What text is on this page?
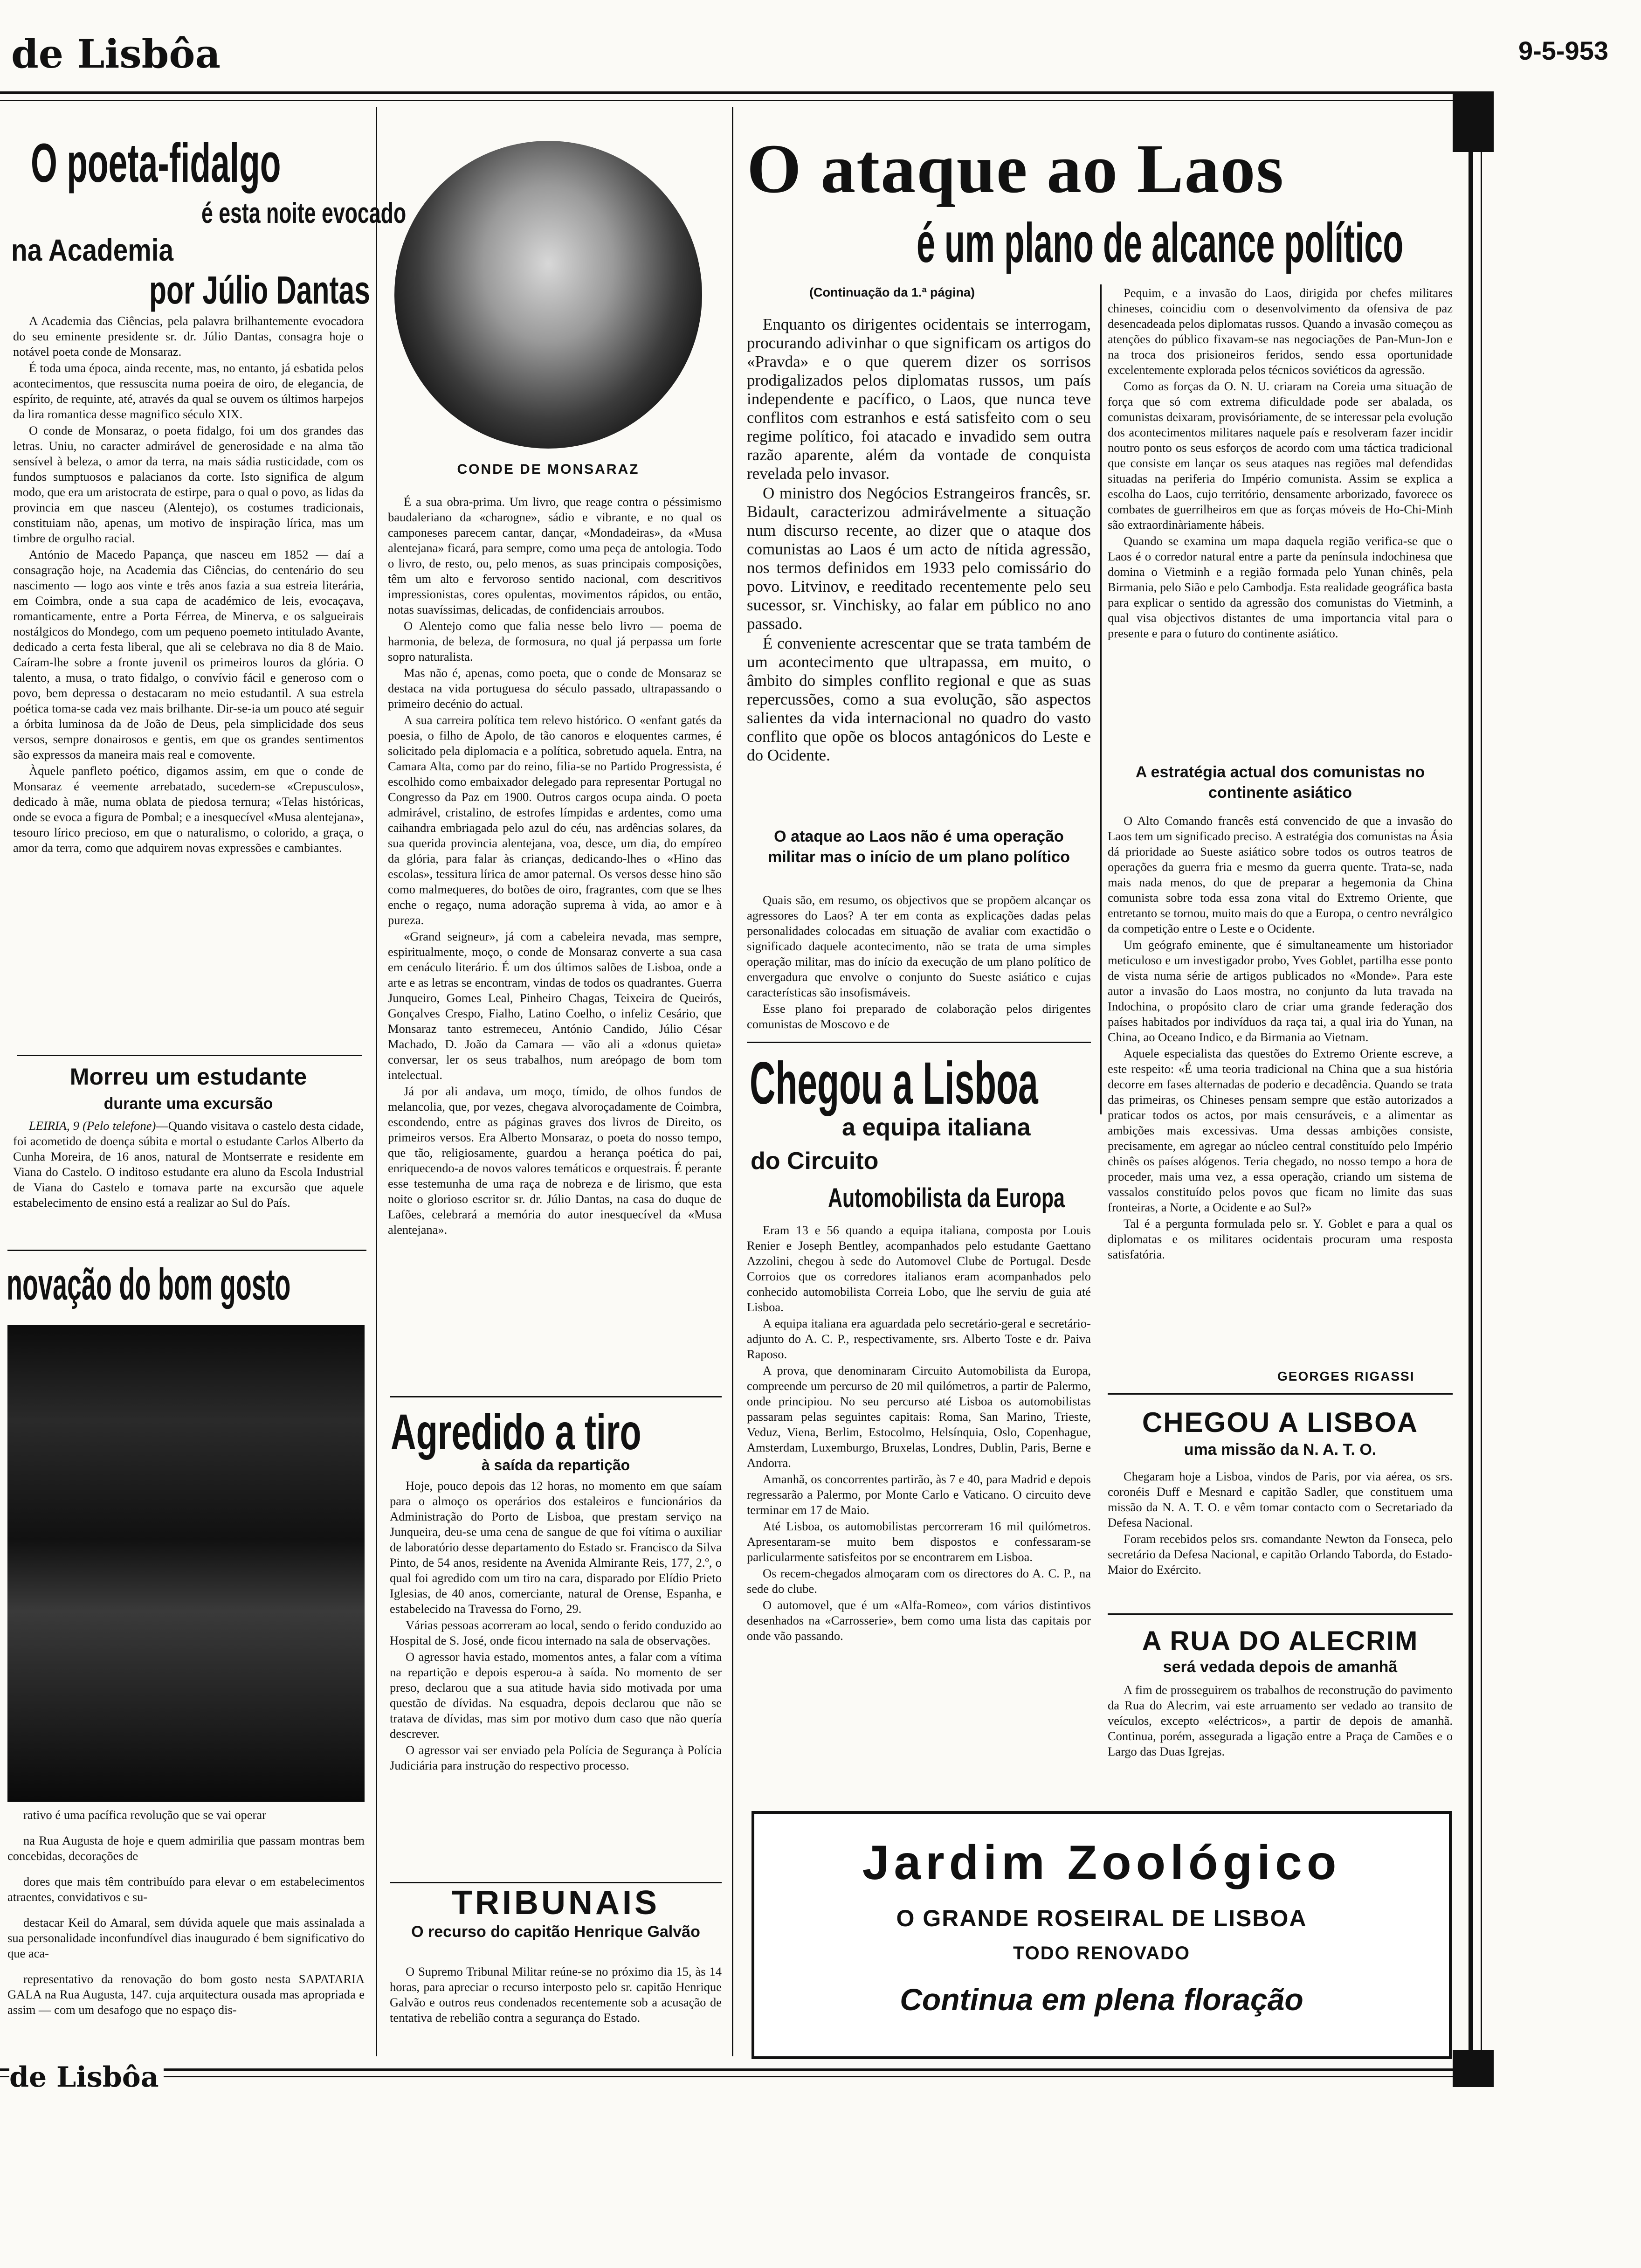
de Lisbôa	9-5-953
O poeta-fidalgo
é esta noite evocado
na Academia
por Júlio Dantas

A Academia das Ciências, pela palavra brilhantemente evocadora do seu eminente presidente sr. dr. Júlio Dantas, consagra hoje o notável poeta conde de Monsaraz.

É toda uma época, ainda recente, mas, no entanto, já esbatida pelos acontecimentos, que ressuscita numa poeira de oiro, de elegancia, de espírito, de requinte, até, através da qual se ouvem os últimos harpejos da lira romantica desse magnifico século XIX.

O conde de Monsaraz, o poeta fidalgo, foi um dos grandes das letras. Uniu, no caracter admirável de generosidade e na alma tão sensível à beleza, o amor da terra, na mais sádia rusticidade, com os fundos sumptuosos e palacianos da corte. Isto significa de algum modo, que era um aristocrata de estirpe, para o qual o povo, as lidas da provincia em que nasceu (Alentejo), os costumes tradicionais, constituiam não, apenas, um motivo de inspiração lírica, mas um timbre de orgulho racial.

António de Macedo Papança, que nasceu em 1852 — daí a consagração hoje, na Academia das Ciências, do centenário do seu nascimento — logo aos vinte e três anos fazia a sua estreia literária, em Coimbra, onde a sua capa de académico de leis, evocaçava, romanticamente, entre a Porta Férrea, de Minerva, e os salgueirais nostálgicos do Mondego, com um pequeno poemeto intitulado Avante, dedicado a certa festa liberal, que ali se celebrava no dia 8 de Maio. Caíram-lhe sobre a fronte juvenil os primeiros louros da glória. O talento, a musa, o trato fidalgo, o convívio fácil e generoso com o povo, bem depressa o destacaram no meio estudantil. A sua estrela poética toma-se cada vez mais brilhante. Dir-se-ia um pouco até seguir a órbita luminosa da de João de Deus, pela simplicidade dos seus versos, sempre donairosos e gentis, em que os grandes sentimentos são expressos da maneira mais real e comovente.

Àquele panfleto poético, digamos assim, em que o conde de Monsaraz é veemente arrebatado, sucedem-se «Crepusculos», dedicado à mãe, numa oblata de piedosa ternura; «Telas históricas, onde se evoca a figura de Pombal; e a inesquecível «Musa alentejana», tesouro lírico precioso, em que o naturalismo, o colorido, a graça, o amor da terra, como que adquirem novas expressões e cambiantes.

CONDE DE MONSARAZ

É a sua obra-prima. Um livro, que reage contra o péssimismo baudaleriano da «charogne», sádio e vibrante, e no qual os camponeses parecem cantar, dançar, «Mondadeiras», da «Musa alentejana» ficará, para sempre, como uma peça de antologia. Todo o livro, de resto, ou, pelo menos, as suas principais composições, têm um alto e fervoroso sentido nacional, com descritivos impressionistas, cores opulentas, movimentos rápidos, ou então, notas suavíssimas, delicadas, de confidenciais arroubos.

O Alentejo como que falia nesse belo livro — poema de harmonia, de beleza, de formosura, no qual já perpassa um forte sopro naturalista.

Mas não é, apenas, como poeta, que o conde de Monsaraz se destaca na vida portuguesa do século passado, ultrapassando o primeiro decénio do actual.

A sua carreira política tem relevo histórico. O «enfant gatés da poesia, o filho de Apolo, de tão canoros e eloquentes carmes, é solicitado pela diplomacia e a política, sobretudo aquela. Entra, na Camara Alta, como par do reino, filia-se no Partido Progressista, é escolhido como embaixador delegado para representar Portugal no Congresso da Paz em 1900. Outros cargos ocupa ainda. O poeta admirável, cristalino, de estrofes límpidas e ardentes, como uma caihandra embriagada pelo azul do céu, nas ardências solares, da sua querida provincia alentejana, voa, desce, um dia, do empíreo da glória, para falar às crianças, dedicando-lhes o «Hino das escolas», tessitura lírica de amor paternal. Os versos desse hino são como malmequeres, do botões de oiro, fragrantes, com que se lhes enche o regaço, numa adoração suprema à vida, ao amor e à pureza.

«Grand seigneur», já com a cabeleira nevada, mas sempre, espiritualmente, moço, o conde de Monsaraz converte a sua casa em cenáculo literário. É um dos últimos salões de Lisboa, onde a arte e as letras se encontram, vindas de todos os quadrantes. Guerra Junqueiro, Gomes Leal, Pinheiro Chagas, Teixeira de Queirós, Gonçalves Crespo, Fialho, Latino Coelho, o infeliz Cesário, que Monsaraz tanto estremeceu, António Candido, Júlio César Machado, D. João da Camara — vão ali a «donus quieta» conversar, ler os seus trabalhos, num areópago de bom tom intelectual.

Já por ali andava, um moço, tímido, de olhos fundos de melancolia, que, por vezes, chegava alvoroçadamente de Coimbra, escondendo, entre as páginas graves dos livros de Direito, os primeiros versos. Era Alberto Monsaraz, o poeta do nosso tempo, que tão, religiosamente, guardou a herança poética do pai, enriquecendo-a de novos valores temáticos e orquestrais. É perante esse testemunha de uma raça de nobreza e de lirismo, que esta noite o glorioso escritor sr. dr. Júlio Dantas, na casa do duque de Lafões, celebrará a memória do autor inesquecível da «Musa alentejana».

O ataque ao Laos
é um plano de alcance político
(Continuação da 1.ª página)

Enquanto os dirigentes ocidentais se interrogam, procurando adivinhar o que significam os artigos do «Pravda» e o que querem dizer os sorrisos prodigalizados pelos diplomatas russos, um país independente e pacífico, o Laos, que nunca teve conflitos com estranhos e está satisfeito com o seu regime político, foi atacado e invadido sem outra razão aparente, além da vontade de conquista revelada pelo invasor.

O ministro dos Negócios Estrangeiros francês, sr. Bidault, caracterizou admirávelmente a situação num discurso recente, ao dizer que o ataque dos comunistas ao Laos é um acto de nítida agressão, nos termos definidos em 1933 pelo comissário do povo. Litvinov, e reeditado recentemente pelo seu sucessor, sr. Vinchisky, ao falar em público no ano passado.

É conveniente acrescentar que se trata também de um acontecimento que ultrapassa, em muito, o âmbito do simples conflito regional e que as suas repercussões, como a sua evolução, são aspectos salientes da vida internacional no quadro do vasto conflito que opõe os blocos antagónicos do Leste e do Ocidente.

O ataque ao Laos não é uma operação militar mas o início de um plano político

Quais são, em resumo, os objectivos que se propõem alcançar os agressores do Laos? A ter em conta as explicações dadas pelas personalidades colocadas em situação de avaliar com exactidão o significado daquele acontecimento, não se trata de uma simples operação militar, mas do início da execução de um plano político de envergadura que envolve o conjunto do Sueste asiático e cujas características são insofismáveis.

Esse plano foi preparado de colaboração pelos dirigentes comunistas de Moscovo e de

Pequim, e a invasão do Laos, dirigida por chefes militares chineses, coincidiu com o desenvolvimento da ofensiva de paz desencadeada pelos diplomatas russos. Quando a invasão começou as atenções do público fixavam-se nas negociações de Pan-Mun-Jon e na troca dos prisioneiros feridos, sendo essa oportunidade excelentemente explorada pelos técnicos soviéticos da agressão.

Como as forças da O. N. U. criaram na Coreia uma situação de força que só com extrema dificuldade pode ser abalada, os comunistas deixaram, provisóriamente, de se interessar pela evolução dos acontecimentos militares naquele país e resolveram fazer incidir noutro ponto os seus esforços de acordo com uma táctica tradicional que consiste em lançar os seus ataques nas regiões mal defendidas situadas na periferia do Império comunista. Assim se explica a escolha do Laos, cujo território, densamente arborizado, favorece os combates de guerrilheiros em que as forças móveis de Ho-Chi-Minh são extraordinàriamente hábeis.

Quando se examina um mapa daquela região verifica-se que o Laos é o corredor natural entre a parte da península indochinesa que domina o Vietminh e a região formada pelo Yunan chinês, pela Birmania, pelo Sião e pelo Cambodja. Esta realidade geográfica basta para explicar o sentido da agressão dos comunistas do Vietminh, a qual visa objectivos distantes de uma importancia vital para o presente e para o futuro do continente asiático.

A estratégia actual dos comunistas no continente asiático

O Alto Comando francês está convencido de que a invasão do Laos tem um significado preciso. A estratégia dos comunistas na Ásia dá prioridade ao Sueste asiático sobre todos os outros teatros de operações da guerra fria e mesmo da guerra quente. Trata-se, nada mais nada menos, do que de preparar a hegemonia da China comunista sobre toda essa zona vital do Extremo Oriente, que entretanto se tornou, muito mais do que a Europa, o centro nevrálgico da competição entre o Leste e o Ocidente.

Um geógrafo eminente, que é simultaneamente um historiador meticuloso e um investigador probo, Yves Goblet, partilha esse ponto de vista numa série de artigos publicados no «Monde». Para este autor a invasão do Laos mostra, no conjunto da luta travada na Indochina, o propósito claro de criar uma grande federação dos países habitados por indivíduos da raça tai, a qual iria do Yunan, na China, ao Oceano Indico, e da Birmania ao Vietnam.

Aquele especialista das questões do Extremo Oriente escreve, a este respeito: «É uma teoria tradicional na China que a sua história decorre em fases alternadas de poderio e decadência. Quando se trata das primeiras, os Chineses pensam sempre que estão autorizados a praticar todos os actos, por mais censuráveis, e a alimentar as ambições mais excessivas. Uma dessas ambições consiste, precisamente, em agregar ao núcleo central constituído pelo Império chinês os países alógenos. Teria chegado, no nosso tempo a hora de proceder, mais uma vez, a essa operação, criando um sistema de vassalos constituído pelos povos que ficam no limite das suas fronteiras, a Norte, a Ocidente e ao Sul?»

Tal é a pergunta formulada pelo sr. Y. Goblet e para a qual os diplomatas e os militares ocidentais procuram uma resposta satisfatória.

GEORGES RIGASSI
Morreu um estudante
durante uma excursão

LEIRIA, 9 (Pelo telefone)—Quando visitava o castelo desta cidade, foi acometido de doença súbita e mortal o estudante Carlos Alberto da Cunha Moreira, de 16 anos, natural de Montserrate e residente em Viana do Castelo. O inditoso estudante era aluno da Escola Industrial de Viana do Castelo e tomava parte na excursão que aquele estabelecimento de ensino está a realizar ao Sul do País.

novação do bom gosto

rativo é uma pacífica revolução que se vai operar

na Rua Augusta de hoje e quem admirilia que passam montras bem concebidas, decorações de

dores que mais têm contribuído para elevar o em estabelecimentos atraentes, convidativos e su-

destacar Keil do Amaral, sem dúvida aquele que mais assinalada a sua personalidade inconfundível dias inaugurado é bem significativo do que aca-

representativo da renovação do bom gosto nesta SAPATARIA GALA na Rua Augusta, 147. cuja arquitectura ousada mas apropriada e assim — com um desafogo que no espaço dis-

Agredido a tiro
à saída da repartição

Hoje, pouco depois das 12 horas, no momento em que saíam para o almoço os operários dos estaleiros e funcionários da Administração do Porto de Lisboa, que prestam serviço na Junqueira, deu-se uma cena de sangue de que foi vítima o auxiliar de laboratório desse departamento do Estado sr. Francisco da Silva Pinto, de 54 anos, residente na Avenida Almirante Reis, 177, 2.º, o qual foi agredido com um tiro na cara, disparado por Elídio Prieto Iglesias, de 40 anos, comerciante, natural de Orense, Espanha, e estabelecido na Travessa do Forno, 29.

Várias pessoas acorreram ao local, sendo o ferido conduzido ao Hospital de S. José, onde ficou internado na sala de observações.

O agressor havia estado, momentos antes, a falar com a vítima na repartição e depois esperou-a à saída. No momento de ser preso, declarou que a sua atitude havia sido motivada por uma questão de dívidas. Na esquadra, depois declarou que não se tratava de dívidas, mas sim por motivo dum caso que não quería descrever.

O agressor vai ser enviado pela Polícia de Segurança à Polícia Judiciária para instrução do respectivo processo.

TRIBUNAIS
O recurso do capitão Henrique Galvão

O Supremo Tribunal Militar reúne-se no próximo dia 15, às 14 horas, para apreciar o recurso interposto pelo sr. capitão Henrique Galvão e outros reus condenados recentemente sob a acusação de tentativa de rebelião contra a segurança do Estado.

Chegou a Lisboa
a equipa italiana
do Circuito
Automobilista da Europa

Eram 13 e 56 quando a equipa italiana, composta por Louis Renier e Joseph Bentley, acompanhados pelo estudante Gaettano Azzolini, chegou à sede do Automovel Clube de Portugal. Desde Corroios que os corredores italianos eram acompanhados pelo conhecido automobilista Correia Lobo, que lhe serviu de guia até Lisboa.

A equipa italiana era aguardada pelo secretário-geral e secretário-adjunto do A. C. P., respectivamente, srs. Alberto Toste e dr. Paiva Raposo.

A prova, que denominaram Circuito Automobilista da Europa, compreende um percurso de 20 mil quilómetros, a partir de Palermo, onde principiou. No seu percurso até Lisboa os automobilistas passaram pelas seguintes capitais: Roma, San Marino, Trieste, Veduz, Viena, Berlim, Estocolmo, Helsínquia, Oslo, Copenhague, Amsterdam, Luxemburgo, Bruxelas, Londres, Dublin, Paris, Berne e Andorra.

Amanhã, os concorrentes partirão, às 7 e 40, para Madrid e depois regressarão a Palermo, por Monte Carlo e Vaticano. O circuito deve terminar em 17 de Maio.

Até Lisboa, os automobilistas percorreram 16 mil quilómetros. Apresentaram-se muito bem dispostos e confessaram-se parlicularmente satisfeitos por se encontrarem em Lisboa.

Os recem-chegados almoçaram com os directores do A. C. P., na sede do clube.

O automovel, que é um «Alfa-Romeo», com vários distintivos desenhados na «Carrosserie», bem como uma lista das capitais por onde vão passando.

CHEGOU A LISBOA
uma missão da N. A. T. O.

Chegaram hoje a Lisboa, vindos de Paris, por via aérea, os srs. coronéis Duff e Mesnard e capitão Sadler, que constituem uma missão da N. A. T. O. e vêm tomar contacto com o Secretariado da Defesa Nacional.

Foram recebidos pelos srs. comandante Newton da Fonseca, pelo secretário da Defesa Nacional, e capitão Orlando Taborda, do Estado-Maior do Exército.

A RUA DO ALECRIM
será vedada depois de amanhã

A fim de prosseguirem os trabalhos de reconstrução do pavimento da Rua do Alecrim, vai este arruamento ser vedado ao transito de veículos, excepto «eléctricos», a partir de depois de amanhã. Continua, porém, assegurada a ligação entre a Praça de Camões e o Largo das Duas Igrejas.

Jardim Zoológico
O GRANDE ROSEIRAL DE LISBOA
TODO RENOVADO
Continua em plena floração
de Lisbôa
